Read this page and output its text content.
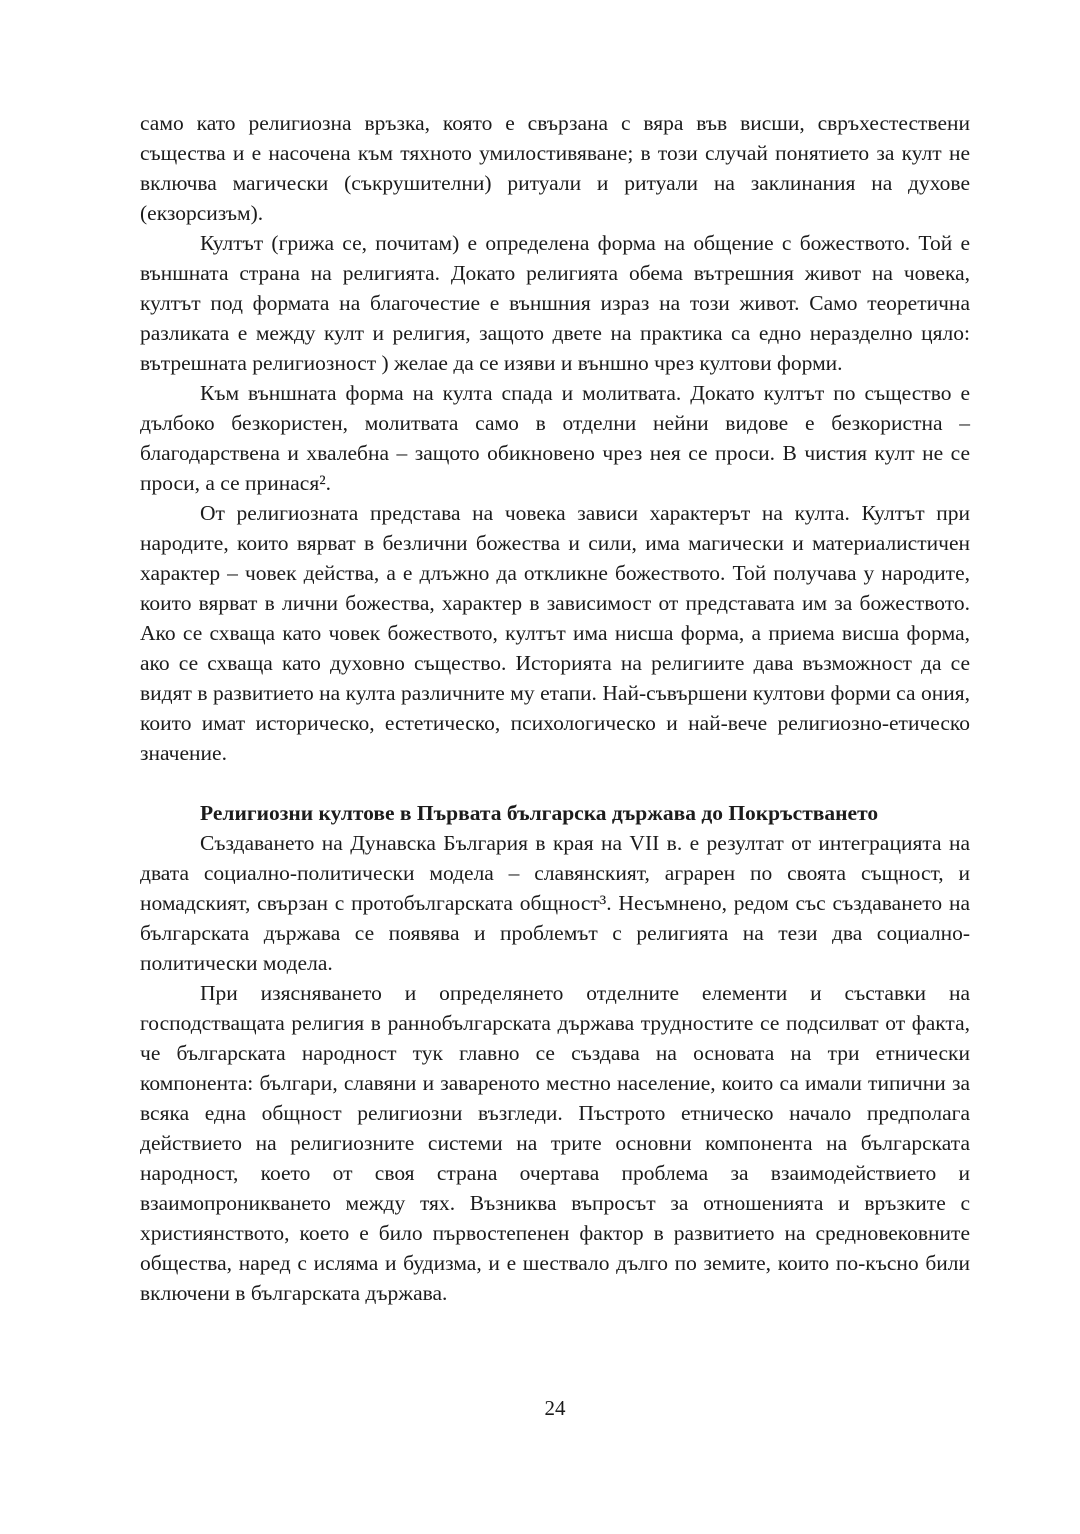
само като религиозна връзка, която е свързана с вяра във висши, свръхестествени същества и е насочена към тяхното умилостивяване; в този случай понятието за култ не включва магически (съкрушителни) ритуали и ритуали на заклинания на духове (екзорсизъм).

Култът (грижа се, почитам) е определена форма на общение с божеството. Той е външната страна на религията. Докато религията обема вътрешния живот на човека, култът под формата на благочестие е външния израз на този живот. Само теоретична разликата е между култ и религия, защото двете на практика са едно неразделно цяло: вътрешната религиозност ) желае да се изяви и външно чрез култови форми.

Към външната форма на култа спада и молитвата. Докато култът по същество е дълбоко безкористен, молитвата само в отделни нейни видове е безкористна – благодарствена и хвалебна – защото обикновено чрез нея се проси. В чистия култ не се проси, а се принася².

От религиозната представа на човека зависи характерът на култа. Култът при народите, които вярват в безлични божества и сили, има магически и материалистичен характер – човек действа, а е длъжно да откликне божеството. Той получава у народите, които вярват в лични божества, характер в зависимост от представата им за божеството. Ако се схваща като човек божеството, култът има нисша форма, а приема висша форма, ако се схваща като духовно същество. Историята на религиите дава възможност да се видят в развитието на култа различните му етапи. Най-съвършени култови форми са ония, които имат историческо, естетическо, психологическо и най-вече религиозно-етическо значение.

Религиозни култове в Първата българска държава до Покръстването

Създаването на Дунавска България в края на VII в. е резултат от интеграцията на двата социално-политически модела – славянският, аграрен по своята същност, и номадският, свързан с протобългарската общност³. Несъмнено, редом със създаването на българската държава се появява и проблемът с религията на тези два социално-политически модела.

При изясняването и определянето отделните елементи и съставки на господстващата религия в раннобългарската държава трудностите се подсилват от факта, че българската народност тук главно се създава на основата на три етнически компонента: българи, славяни и завареното местно население, които са имали типични за всяка една общност религиозни възгледи. Пъстрото етническо начало предполага действието на религиозните системи на трите основни компонента на българската народност, което от своя страна очертава проблема за взаимодействието и взаимопроникването между тях. Възниква въпросът за отношенията и връзките с християнството, което е било първостепенен фактор в развитието на средновековните общества, наред с исляма и будизма, и е шествало дълго по земите, които по-късно били включени в българската държава.

24
